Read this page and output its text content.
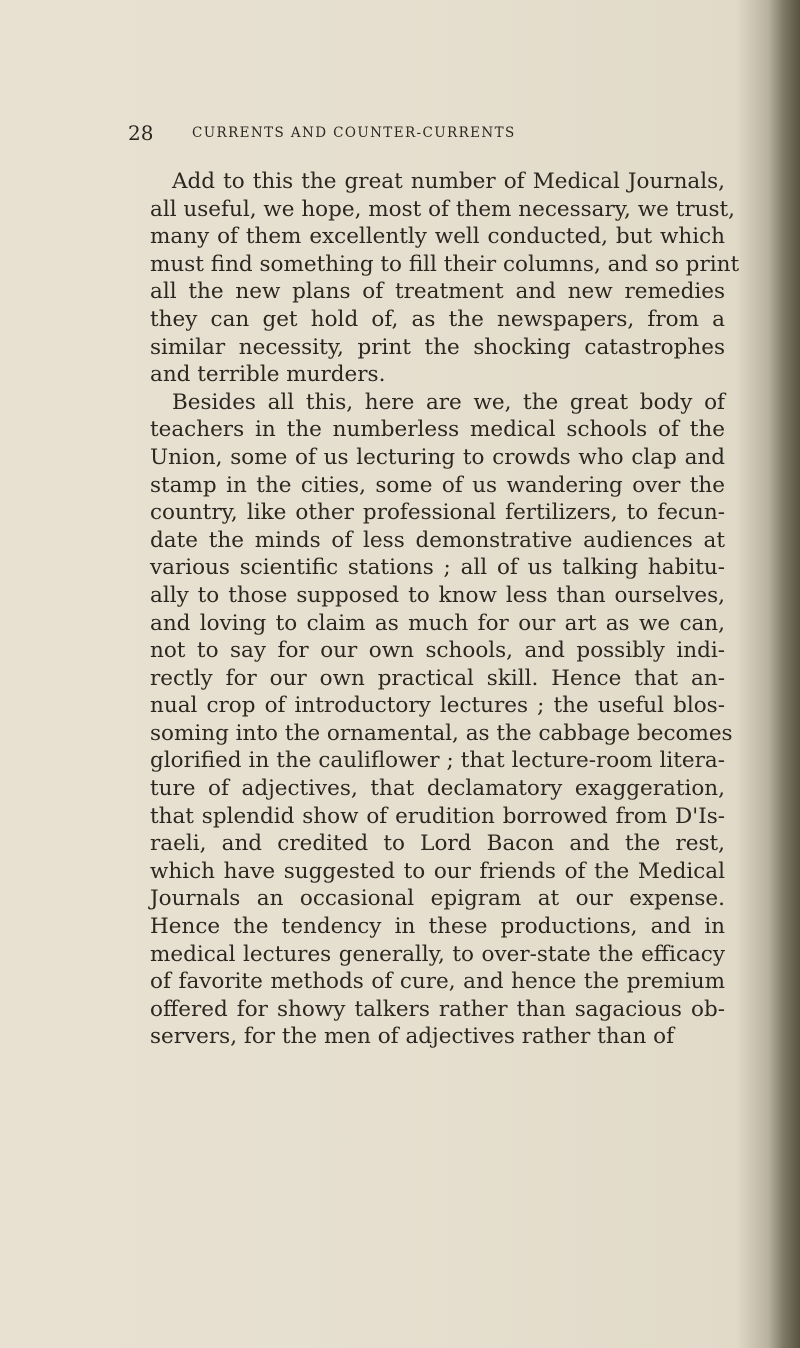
28	CURRENTS AND COUNTER-CURRENTS
Add to this the great number of Medical Journals,
all useful, we hope, most of them necessary, we trust,
many of them excellently well conducted, but which
must find something to fill their columns, and so print
all the new plans of treatment and new remedies
they can get hold of, as the newspapers, from a
similar necessity, print the shocking catastrophes
and terrible murders.
Besides all this, here are we, the great body of
teachers in the numberless medical schools of the
Union, some of us lecturing to crowds who clap and
stamp in the cities, some of us wandering over the
country, like other professional fertilizers, to fecun-
date the minds of less demonstrative audiences at
various scientific stations ; all of us talking habitu-
ally to those supposed to know less than ourselves,
and loving to claim as much for our art as we can,
not to say for our own schools, and possibly indi-
rectly for our own practical skill. Hence that an-
nual crop of introductory lectures ; the useful blos-
soming into the ornamental, as the cabbage becomes
glorified in the cauliflower ; that lecture-room litera-
ture of adjectives, that declamatory exaggeration,
that splendid show of erudition borrowed from D'Is-
raeli, and credited to Lord Bacon and the rest,
which have suggested to our friends of the Medical
Journals an occasional epigram at our expense.
Hence the tendency in these productions, and in
medical lectures generally, to over-state the efficacy
of favorite methods of cure, and hence the premium
offered for showy talkers rather than sagacious ob-
servers, for the men of adjectives rather than of
